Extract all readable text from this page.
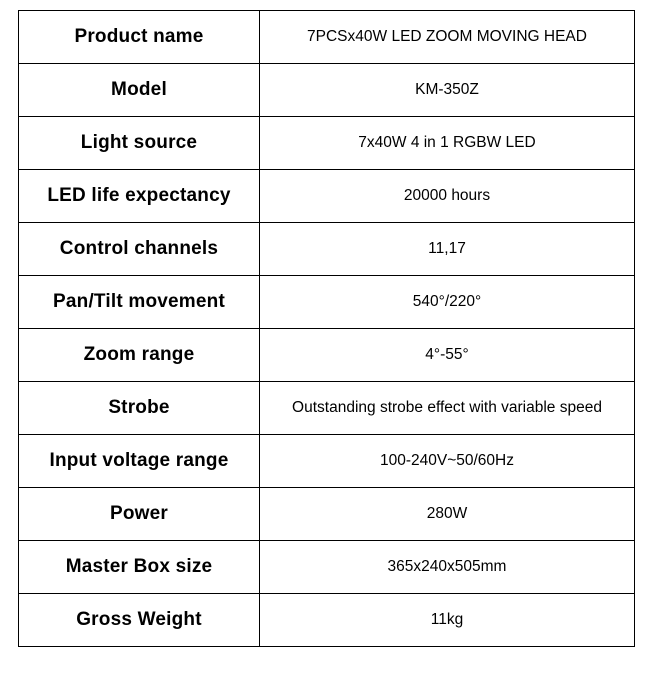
Product name	7PCSx40W LED ZOOM MOVING HEAD
Model	KM-350Z
Light source	7x40W 4 in 1 RGBW LED
LED life expectancy	20000 hours
Control channels	11,17
Pan/Tilt movement	540°/220°
Zoom range	4°-55°
Strobe	Outstanding strobe effect with variable speed
Input voltage range	100-240V~50/60Hz
Power	280W
Master Box size	365x240x505mm
Gross Weight	11kg
